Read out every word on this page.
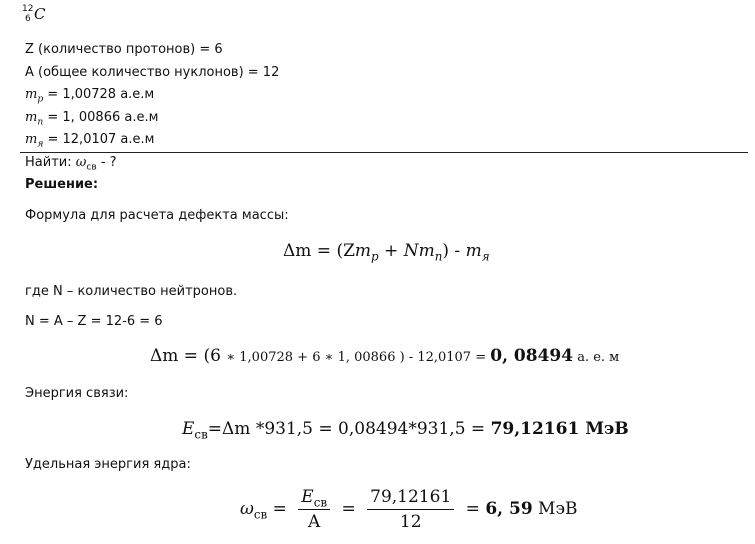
12
6 C
Z (количество протонов) = 6
A (общее количество нуклонов) = 12
$m_p = 1,00728$ а.е.м
$m_n = 1$, 00866 а.е.м
$m_я = 12,0107$ а.е.м
Найти: $\omega_{св}$ - ?
Решение:
Формула для расчета дефекта массы:
$\Delta m = (Zm_p + Nm_n) - m_я$
где N – количество нейтронов.
N = A – Z = 12-6 = 6
Δm = (6 ∗ 1,00728 + 6 ∗ 1, 00866 ) - 12,0107 = 0, 08494 а. е. м
Энергия связи:
$E_{св}=\Delta m$ *931,5 = 0,08494*931,5 = 79,12161 МэВ
Удельная энергия ядра:
$\omega_{св} = \frac{E_{св}}{A} = \frac{79,12161}{12} = 6$, 59 МэВ
